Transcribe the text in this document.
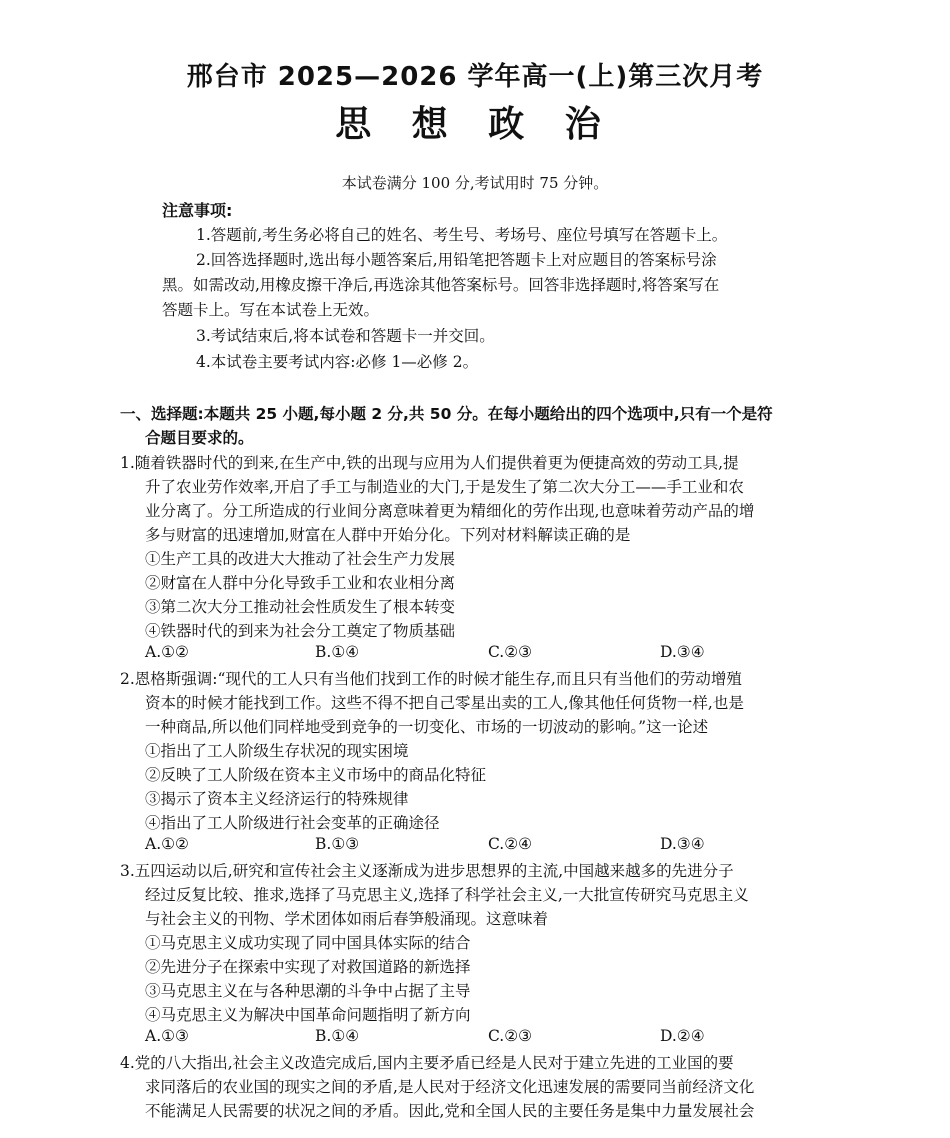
邢台市 2025—2026 学年高一(上)第三次月考
思 想 政 治
本试卷满分 100 分,考试用时 75 分钟。
注意事项:
1.答题前,考生务必将自己的姓名、考生号、考场号、座位号填写在答题卡上。
2.回答选择题时,选出每小题答案后,用铅笔把答题卡上对应题目的答案标号涂
黑。如需改动,用橡皮擦干净后,再选涂其他答案标号。回答非选择题时,将答案写在
答题卡上。写在本试卷上无效。
3.考试结束后,将本试卷和答题卡一并交回。
4.本试卷主要考试内容:必修 1—必修 2。
一、选择题:本题共 25 小题,每小题 2 分,共 50 分。在每小题给出的四个选项中,只有一个是符
合题目要求的。
1.随着铁器时代的到来,在生产中,铁的出现与应用为人们提供着更为便捷高效的劳动工具,提
升了农业劳作效率,开启了手工与制造业的大门,于是发生了第二次大分工——手工业和农
业分离了。分工所造成的行业间分离意味着更为精细化的劳作出现,也意味着劳动产品的增
多与财富的迅速增加,财富在人群中开始分化。下列对材料解读正确的是
①生产工具的改进大大推动了社会生产力发展
②财富在人群中分化导致手工业和农业相分离
③第二次大分工推动社会性质发生了根本转变
④铁器时代的到来为社会分工奠定了物质基础
A.①②	B.①④	C.②③	D.③④
2.恩格斯强调:“现代的工人只有当他们找到工作的时候才能生存,而且只有当他们的劳动增殖
资本的时候才能找到工作。这些不得不把自己零星出卖的工人,像其他任何货物一样,也是
一种商品,所以他们同样地受到竞争的一切变化、市场的一切波动的影响。”这一论述
①指出了工人阶级生存状况的现实困境
②反映了工人阶级在资本主义市场中的商品化特征
③揭示了资本主义经济运行的特殊规律
④指出了工人阶级进行社会变革的正确途径
A.①②	B.①③	C.②④	D.③④
3.五四运动以后,研究和宣传社会主义逐渐成为进步思想界的主流,中国越来越多的先进分子
经过反复比较、推求,选择了马克思主义,选择了科学社会主义,一大批宣传研究马克思主义
与社会主义的刊物、学术团体如雨后春笋般涌现。这意味着
①马克思主义成功实现了同中国具体实际的结合
②先进分子在探索中实现了对救国道路的新选择
③马克思主义在与各种思潮的斗争中占据了主导
④马克思主义为解决中国革命问题指明了新方向
A.①③	B.①④	C.②③	D.②④
4.党的八大指出,社会主义改造完成后,国内主要矛盾已经是人民对于建立先进的工业国的要
求同落后的农业国的现实之间的矛盾,是人民对于经济文化迅速发展的需要同当前经济文化
不能满足人民需要的状况之间的矛盾。因此,党和全国人民的主要任务是集中力量发展社会
